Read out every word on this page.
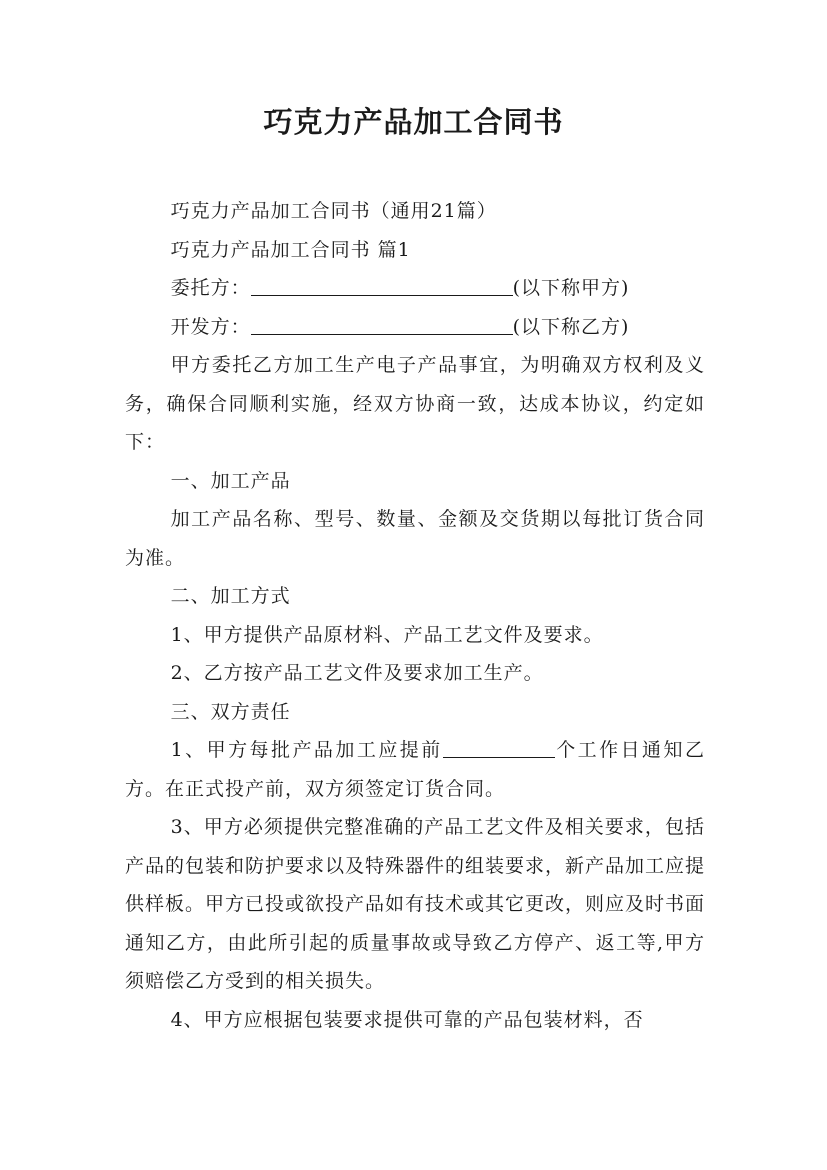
巧克力产品加工合同书

巧克力产品加工合同书（通用21篇）

巧克力产品加工合同书 篇1

委托方：	(以下称甲方)

开发方：	(以下称乙方)

甲方委托乙方加工生产电子产品事宜，为明确双方权利及义务，确保合同顺利实施，经双方协商一致，达成本协议，约定如下：

一、加工产品

加工产品名称、型号、数量、金额及交货期以每批订货合同为准。

二、加工方式

1、甲方提供产品原材料、产品工艺文件及要求。

2、乙方按产品工艺文件及要求加工生产。

三、双方责任

1、甲方每批产品加工应提前	个工作日通知乙方。在正式投产前，双方须签定订货合同。

3、甲方必须提供完整准确的产品工艺文件及相关要求，包括产品的包装和防护要求以及特殊器件的组装要求，新产品加工应提供样板。甲方已投或欲投产品如有技术或其它更改，则应及时书面通知乙方，由此所引起的质量事故或导致乙方停产、返工等,甲方须赔偿乙方受到的相关损失。

4、甲方应根据包装要求提供可靠的产品包装材料，否
